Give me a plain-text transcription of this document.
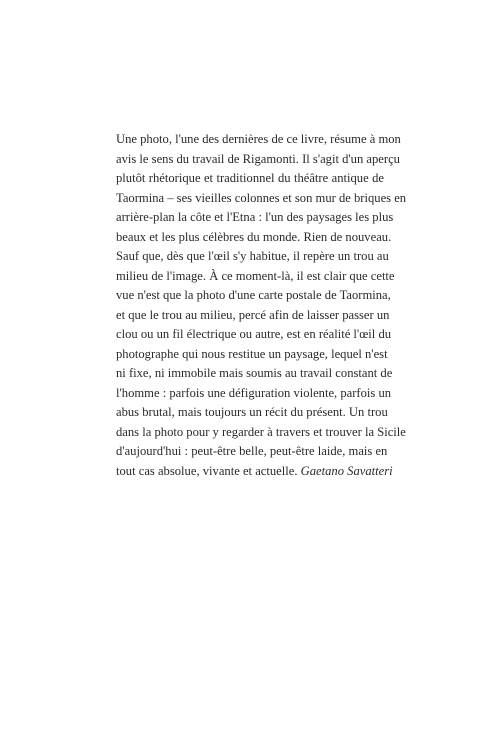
Une photo, l'une des dernières de ce livre, résume à mon
avis le sens du travail de Rigamonti. Il s'agit d'un aperçu
plutôt rhétorique et traditionnel du théâtre antique de
Taormina – ses vieilles colonnes et son mur de briques en
arrière-plan la côte et l'Etna : l'un des paysages les plus
beaux et les plus célèbres du monde. Rien de nouveau.
Sauf que, dès que l'œil s'y habitue, il repère un trou au
milieu de l'image. À ce moment-là, il est clair que cette
vue n'est que la photo d'une carte postale de Taormina,
et que le trou au milieu, percé afin de laisser passer un
clou ou un fil électrique ou autre, est en réalité l'œil du
photographe qui nous restitue un paysage, lequel n'est
ni fixe, ni immobile mais soumis au travail constant de
l'homme : parfois une défiguration violente, parfois un
abus brutal, mais toujours un récit du présent. Un trou
dans la photo pour y regarder à travers et trouver la Sicile
d'aujourd'hui : peut-être belle, peut-être laide, mais en
tout cas absolue, vivante et actuelle. Gaetano Savatteri
